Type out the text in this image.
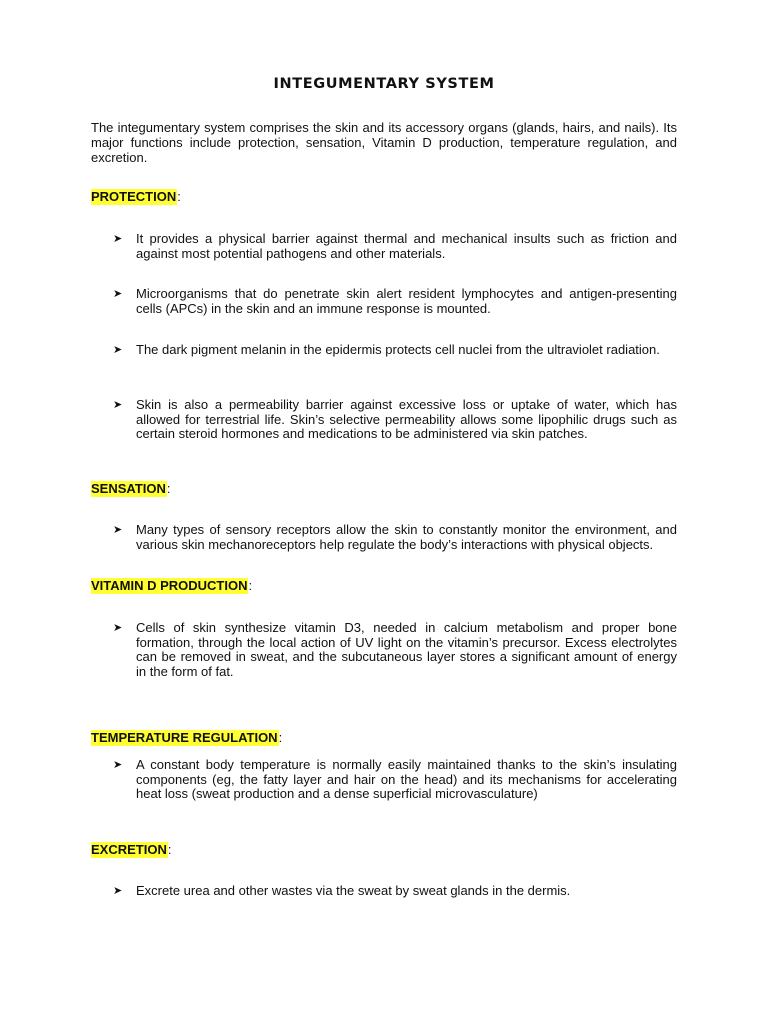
INTEGUMENTARY SYSTEM
The integumentary system comprises the skin and its accessory organs (glands, hairs, and nails). Its major functions include protection, sensation, Vitamin D production, temperature regulation, and excretion.
PROTECTION:
➤	It provides a physical barrier against thermal and mechanical insults such as friction and against most potential pathogens and other materials.
➤	Microorganisms that do penetrate skin alert resident lymphocytes and antigen-presenting cells (APCs) in the skin and an immune response is mounted.
➤	The dark pigment melanin in the epidermis protects cell nuclei from the ultraviolet radiation.
➤	Skin is also a permeability barrier against excessive loss or uptake of water, which has allowed for terrestrial life. Skin’s selective permeability allows some lipophilic drugs such as certain steroid hormones and medications to be administered via skin patches.
SENSATION:
➤	Many types of sensory receptors allow the skin to constantly monitor the environment, and various skin mechanoreceptors help regulate the body’s interactions with physical objects.
VITAMIN D PRODUCTION:
➤	Cells of skin synthesize vitamin D3, needed in calcium metabolism and proper bone formation, through the local action of UV light on the vitamin’s precursor. Excess electrolytes can be removed in sweat, and the subcutaneous layer stores a significant amount of energy in the form of fat.
TEMPERATURE REGULATION:
➤	A constant body temperature is normally easily maintained thanks to the skin’s insulating components (eg, the fatty layer and hair on the head) and its mechanisms for accelerating heat loss (sweat production and a dense superficial microvasculature)
EXCRETION:
➤	Excrete urea and other wastes via the sweat by sweat glands in the dermis.
